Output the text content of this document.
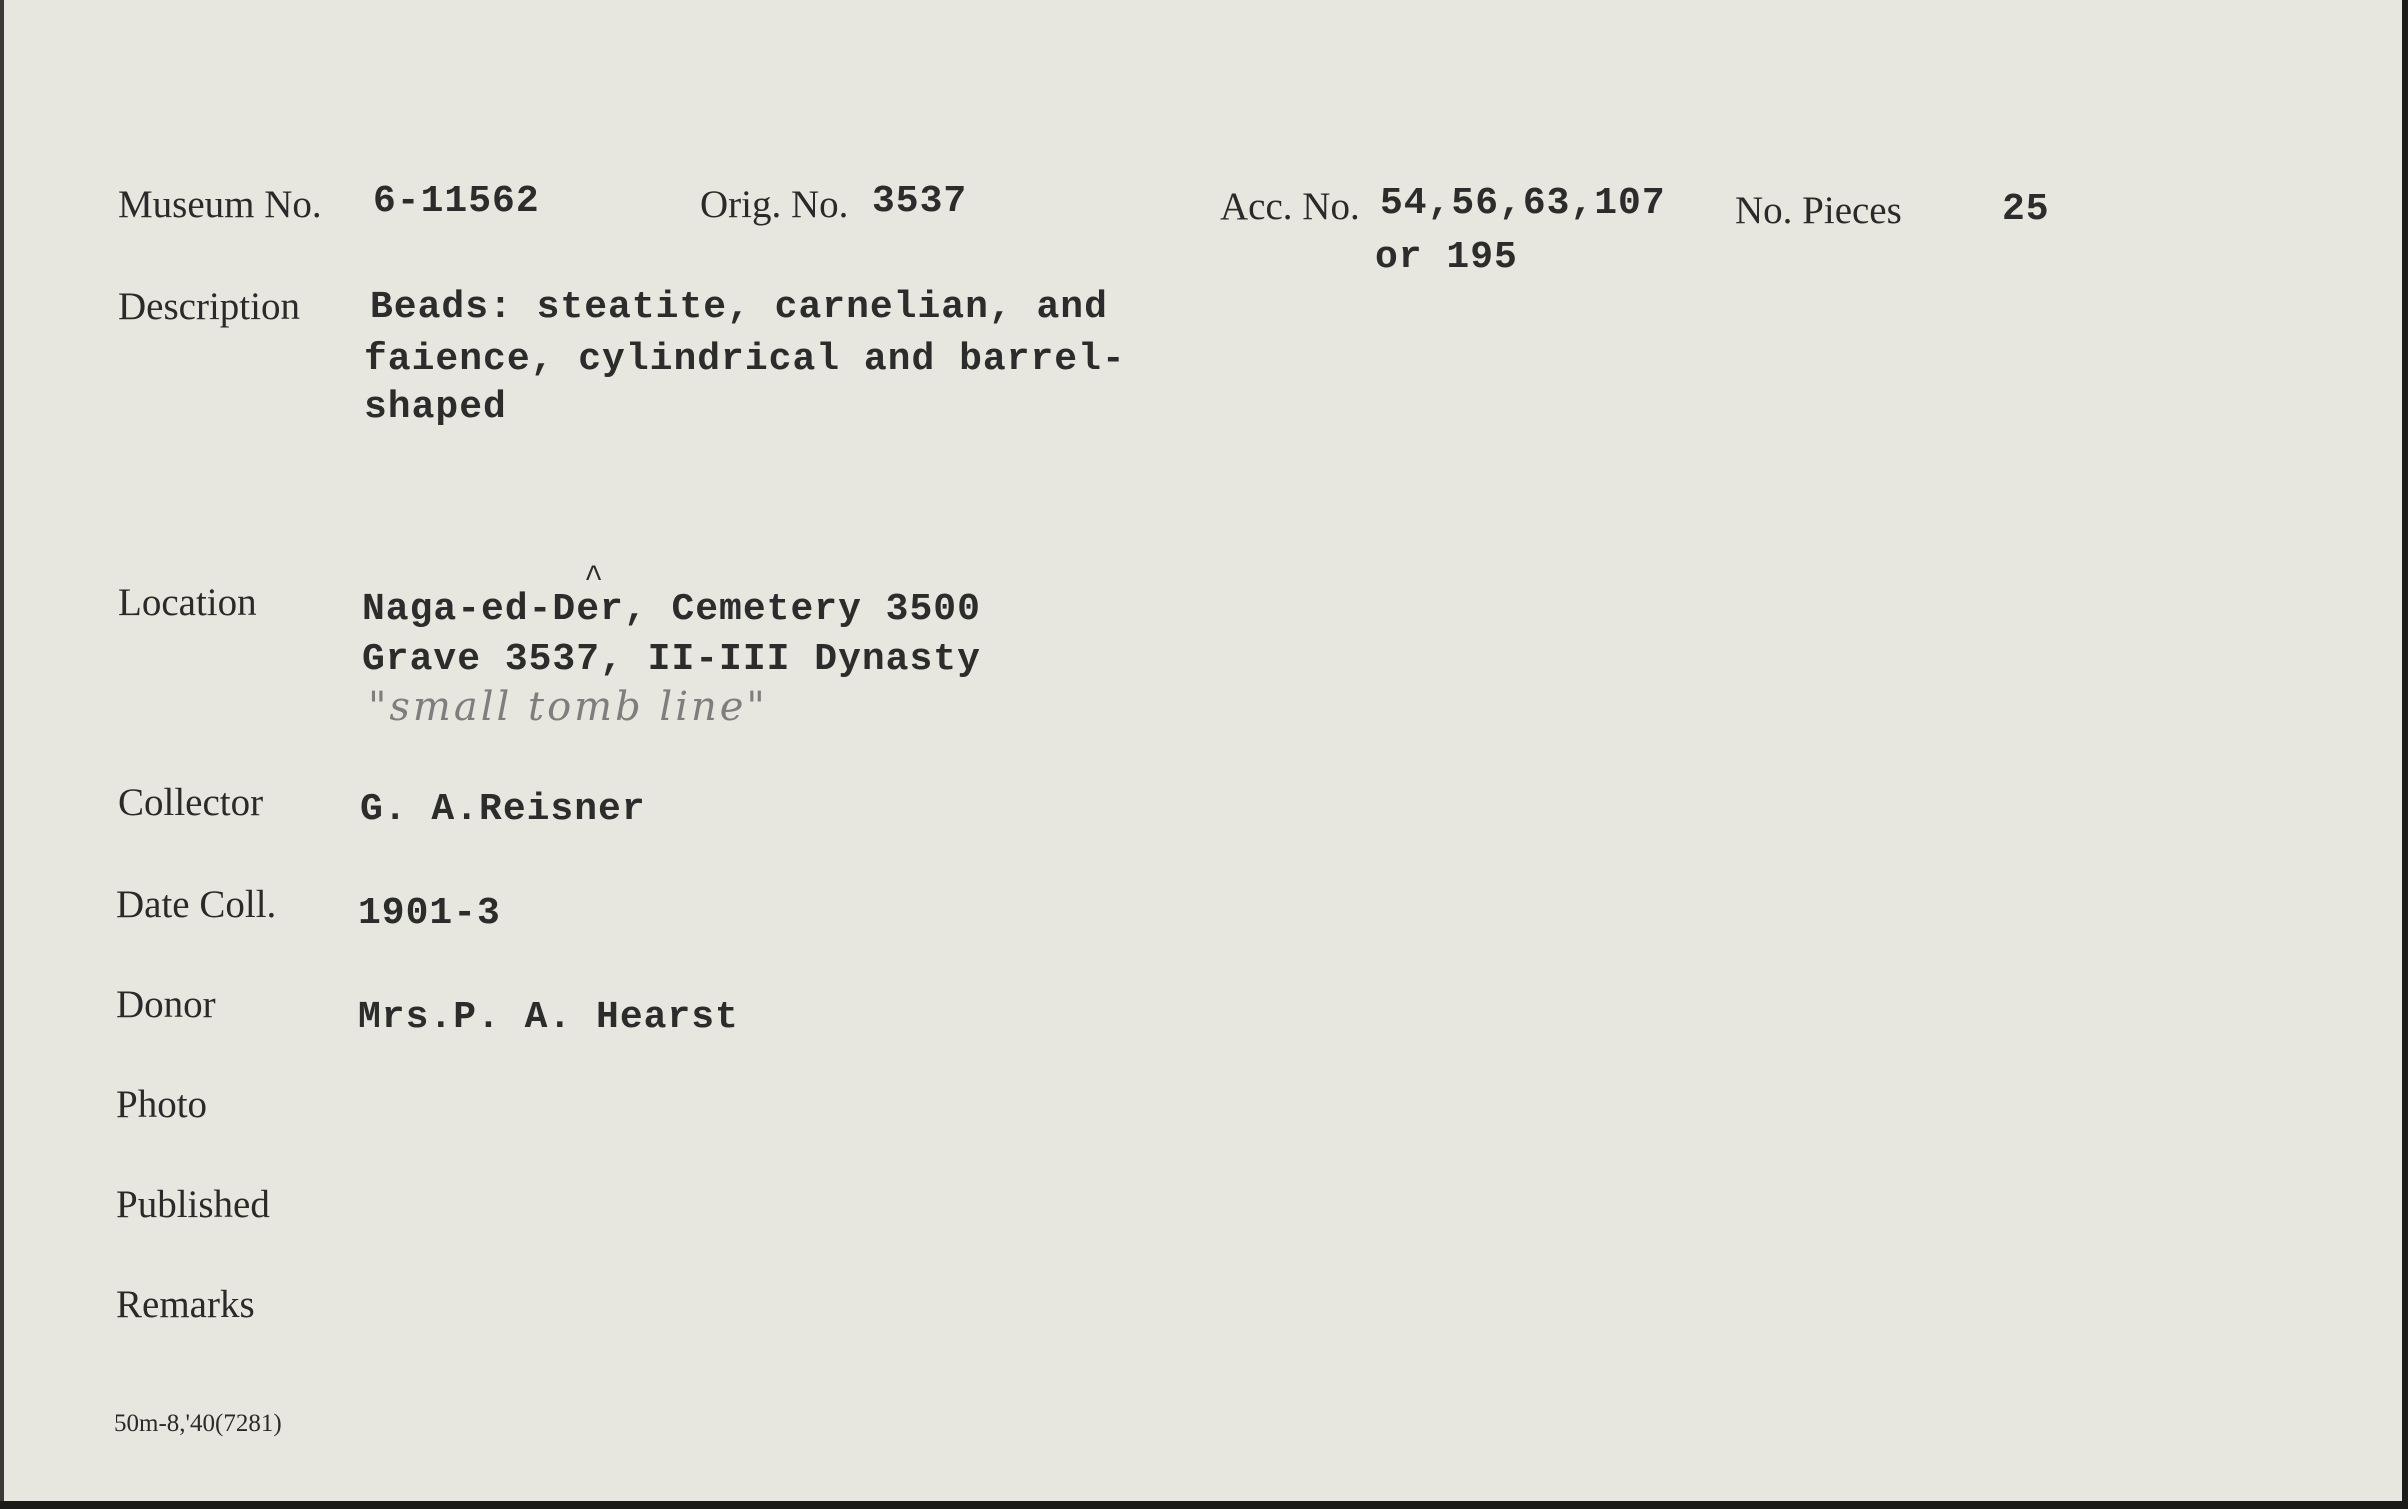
Museum No. 6-11562	Orig. No. 3537	Acc. No. 54,56,63,107
or 195
No. Pieces	25
Description Beads: steatite, carnelian, and
faience, cylindrical and barrel-
shaped
Location
^
Naga-ed-Der, Cemetery 3500
Grave 3537, II-III Dynasty
"small tomb line"
Collector	G. A.Reisner
Date Coll. 1901-3
Donor	Mrs.P. A. Hearst
Photo
Published
Remarks
50m-8,'40(7281)
